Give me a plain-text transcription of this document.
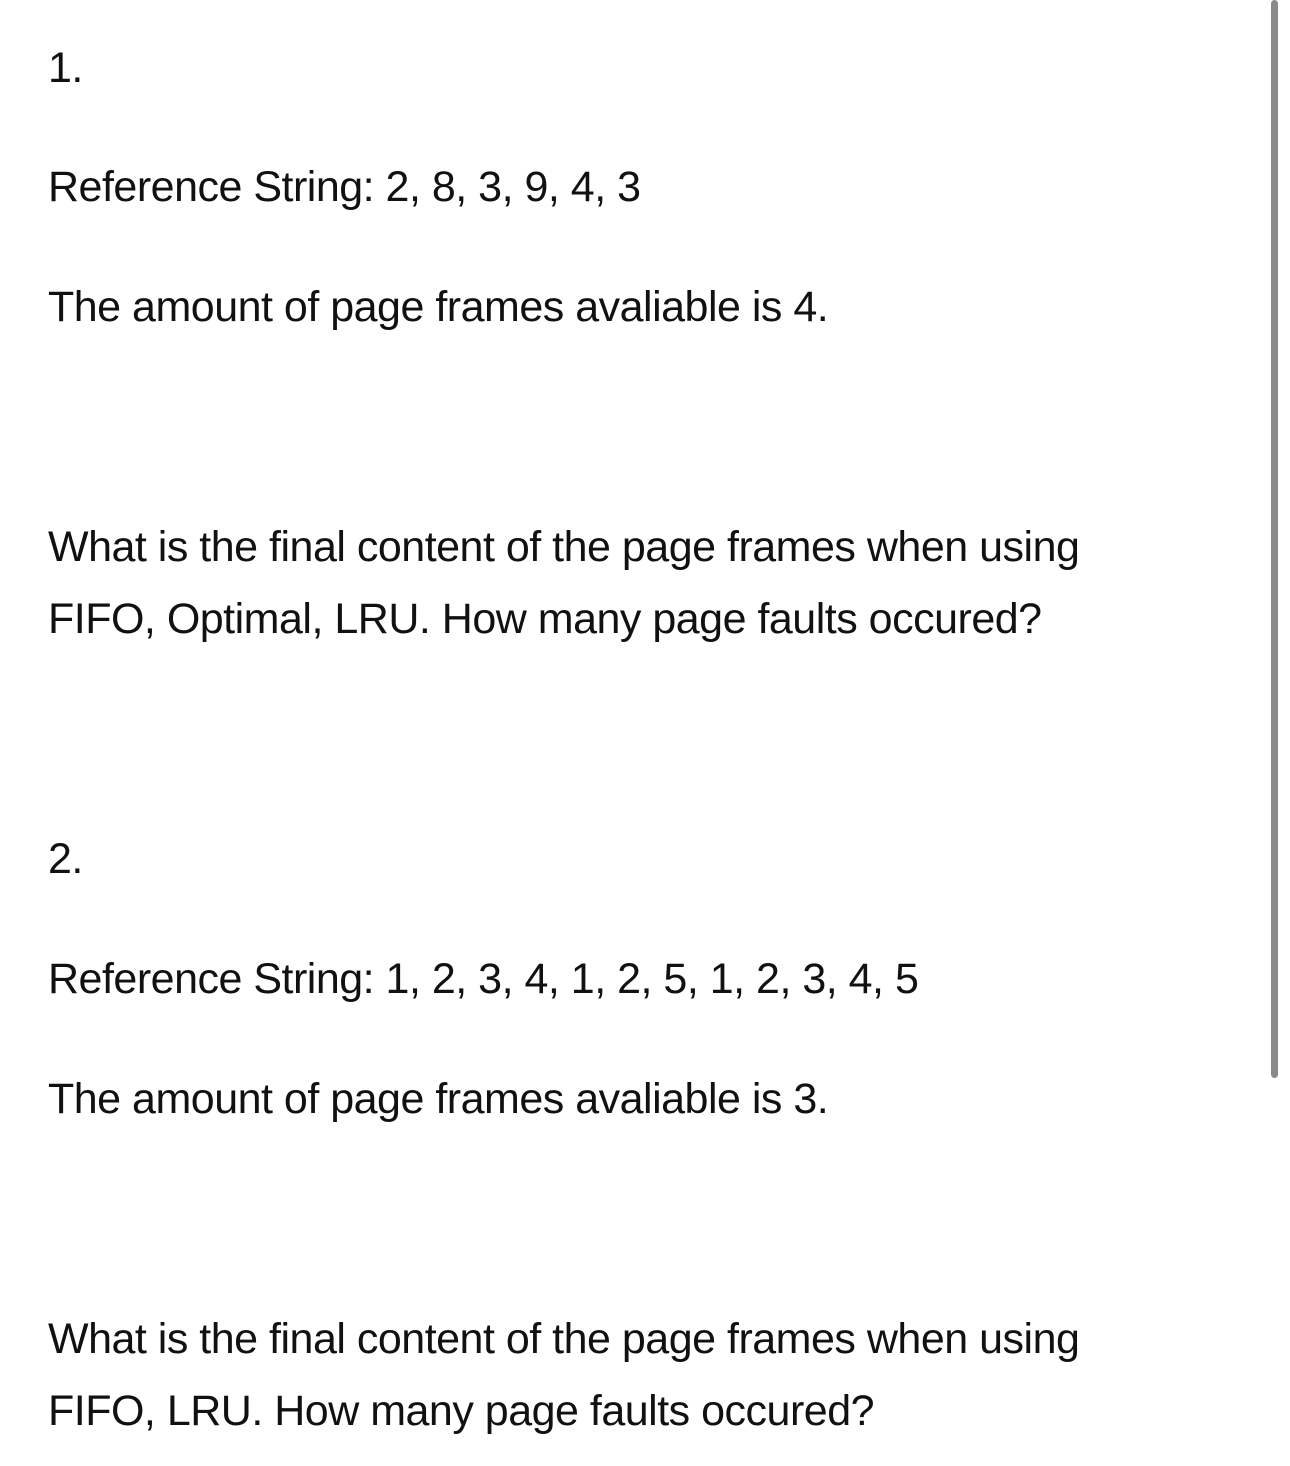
1.
Reference String: 2, 8, 3, 9, 4, 3
The amount of page frames avaliable is 4.
What is the final content of the page frames when using
FIFO, Optimal, LRU. How many page faults occured?
2.
Reference String: 1, 2, 3, 4, 1, 2, 5, 1, 2, 3, 4, 5
The amount of page frames avaliable is 3.
What is the final content of the page frames when using
FIFO, LRU. How many page faults occured?
